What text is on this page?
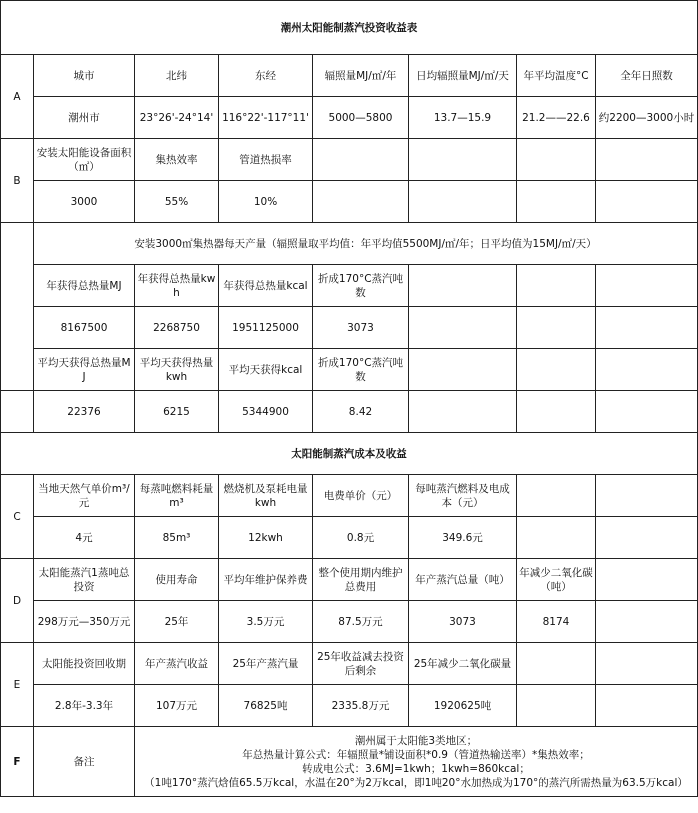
潮州太阳能制蒸汽投资收益表							
A	城市	北纬	东经	辐照量MJ/㎡/年	日均辐照量MJ/㎡/天	年平均温度°C	全年日照数
	潮州市	23°26'-24°14'	116°22'-117°11'	5000—5800	13.7—15.9	21.2——22.6	约2200—3000小时
B	安装太阳能设备面积（㎡）	集热效率	管道热损率				
	3000	55%	10%				
	安装3000㎡集热器每天产量（辐照量取平均值：年平均值5500MJ/㎡/年；日平均值为15MJ/㎡/天）						
	年获得总热量MJ	年获得总热量kwh	年获得总热量kcal	折成170°C蒸汽吨数			
	8167500	2268750	1951125000	3073			
	平均天获得总热量MJ	平均天获得热量kwh	平均天获得kcal	折成170°C蒸汽吨数			
	22376	6215	5344900	8.42			
太阳能制蒸汽成本及收益							
C	当地天然气单价m³/元	每蒸吨燃料耗量m³	燃烧机及泵耗电量kwh	电费单价（元）	每吨蒸汽燃料及电成本（元）		
	4元	85m³	12kwh	0.8元	349.6元		
D	太阳能蒸汽1蒸吨总投资	使用寿命	平均年维护保养费	整个使用期内维护总费用	年产蒸汽总量（吨）	年减少二氧化碳（吨）	
	298万元—350万元	25年	3.5万元	87.5万元	3073	8174	
E	太阳能投资回收期	年产蒸汽收益	25年产蒸汽量	25年收益减去投资后剩余	25年减少二氧化碳量		
	2.8年-3.3年	107万元	76825吨	2335.8万元	1920625吨		
F	备注	潮州属于太阳能3类地区；
年总热量计算公式：年辐照量*铺设面积*0.9（管道热输送率）*集热效率；
转成电公式：3.6MJ=1kwh；1kwh=860kcal；
（1吨170°蒸汽焓值65.5万kcal，水温在20°为2万kcal，即1吨20°水加热成为170°的蒸汽所需热量为63.5万kcal）					
